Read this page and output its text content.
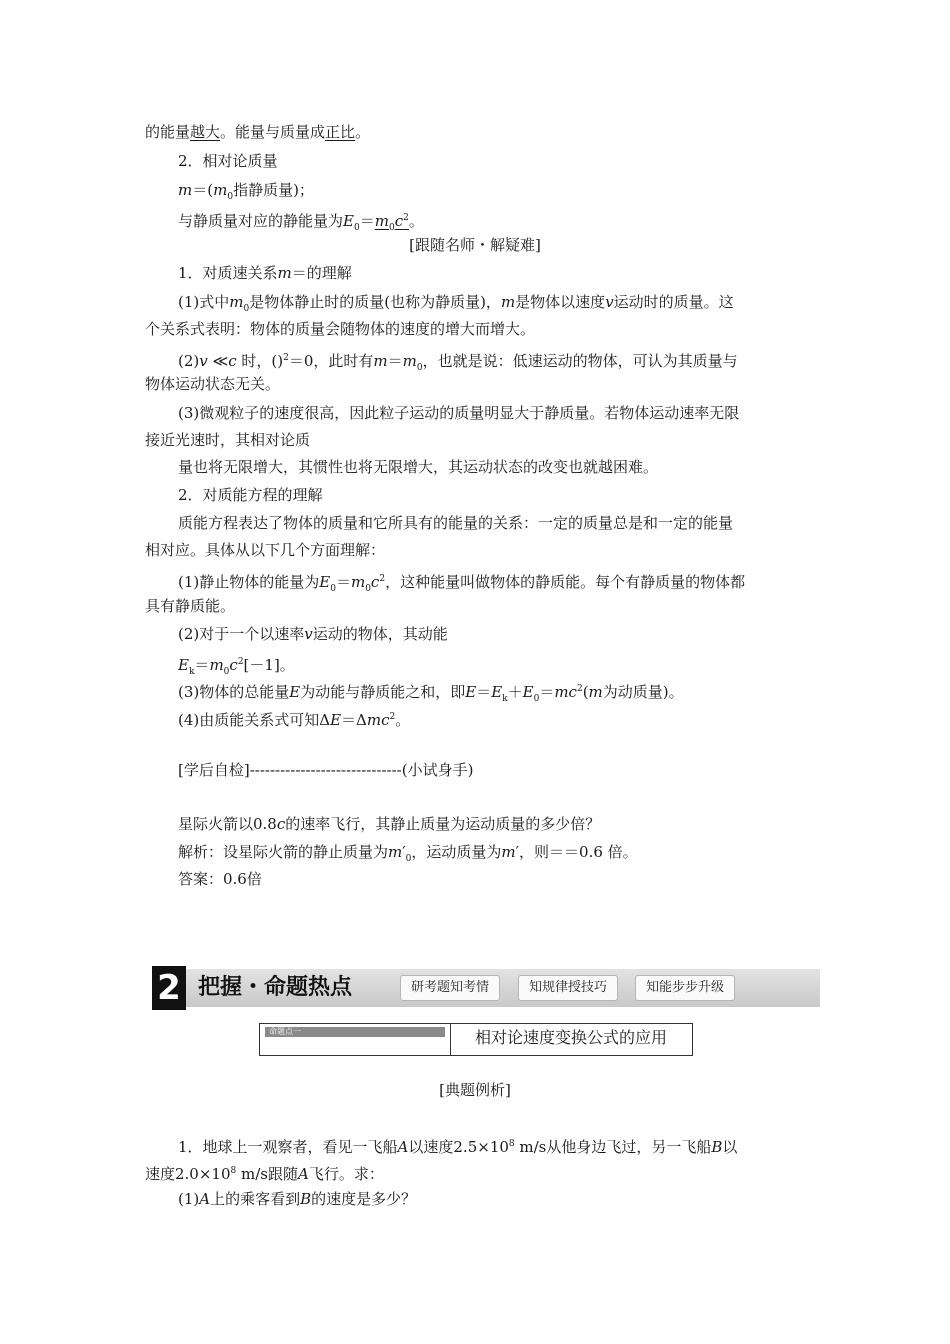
的能量越大。能量与质量成正比。
2．相对论质量
$m=(m_0$指静质量)；
与静质量对应的静能量为$E_0=m_0c^2$。
[跟随名师・解疑难]
1．对质速关系m＝的理解
(1)式中$m_0$是物体静止时的质量(也称为静质量)，m是物体以速度v运动时的质量。这
个关系式表明：物体的质量会随物体的速度的增大而增大。
(2)v ≪c 时，()$^2$＝0，此时有$m=m_0$，也就是说：低速运动的物体，可认为其质量与
物体运动状态无关。
(3)微观粒子的速度很高，因此粒子运动的质量明显大于静质量。若物体运动速率无限
接近光速时，其相对论质
量也将无限增大，其惯性也将无限增大，其运动状态的改变也就越困难。
2．对质能方程的理解
质能方程表达了物体的质量和它所具有的能量的关系：一定的质量总是和一定的能量
相对应。具体从以下几个方面理解：
(1)静止物体的能量为$E_0=m_0c^2$，这种能量叫做物体的静质能。每个有静质量的物体都
具有静质能。
(2)对于一个以速率v运动的物体，其动能
$E_k=m_0c^2[-1]$。
(3)物体的总能量E为动能与静质能之和，即$E=E_k+E_0=mc^2(m$为动质量)。
(4)由质能关系式可知ΔE＝Δmc$^2$。
[学后自检]------------------------------(小试身手)
星际火箭以0.8c的速率飞行，其静止质量为运动质量的多少倍？
解析：设星际火箭的静止质量为$m'_0$，运动质量为m′，则＝＝0.6 倍。
答案：0.6倍
2 把握・命题热点	研考题知考情	知规律授技巧	知能步步升级
命题点一	相对论速度变换公式的应用
[典题例析]
1．地球上一观察者，看见一飞船A以速度$2.5\times 10^8$ m/s从他身边飞过，另一飞船B以
速度$2.0\times 10^8$ m/s跟随A飞行。求：
(1)A上的乘客看到B的速度是多少？
